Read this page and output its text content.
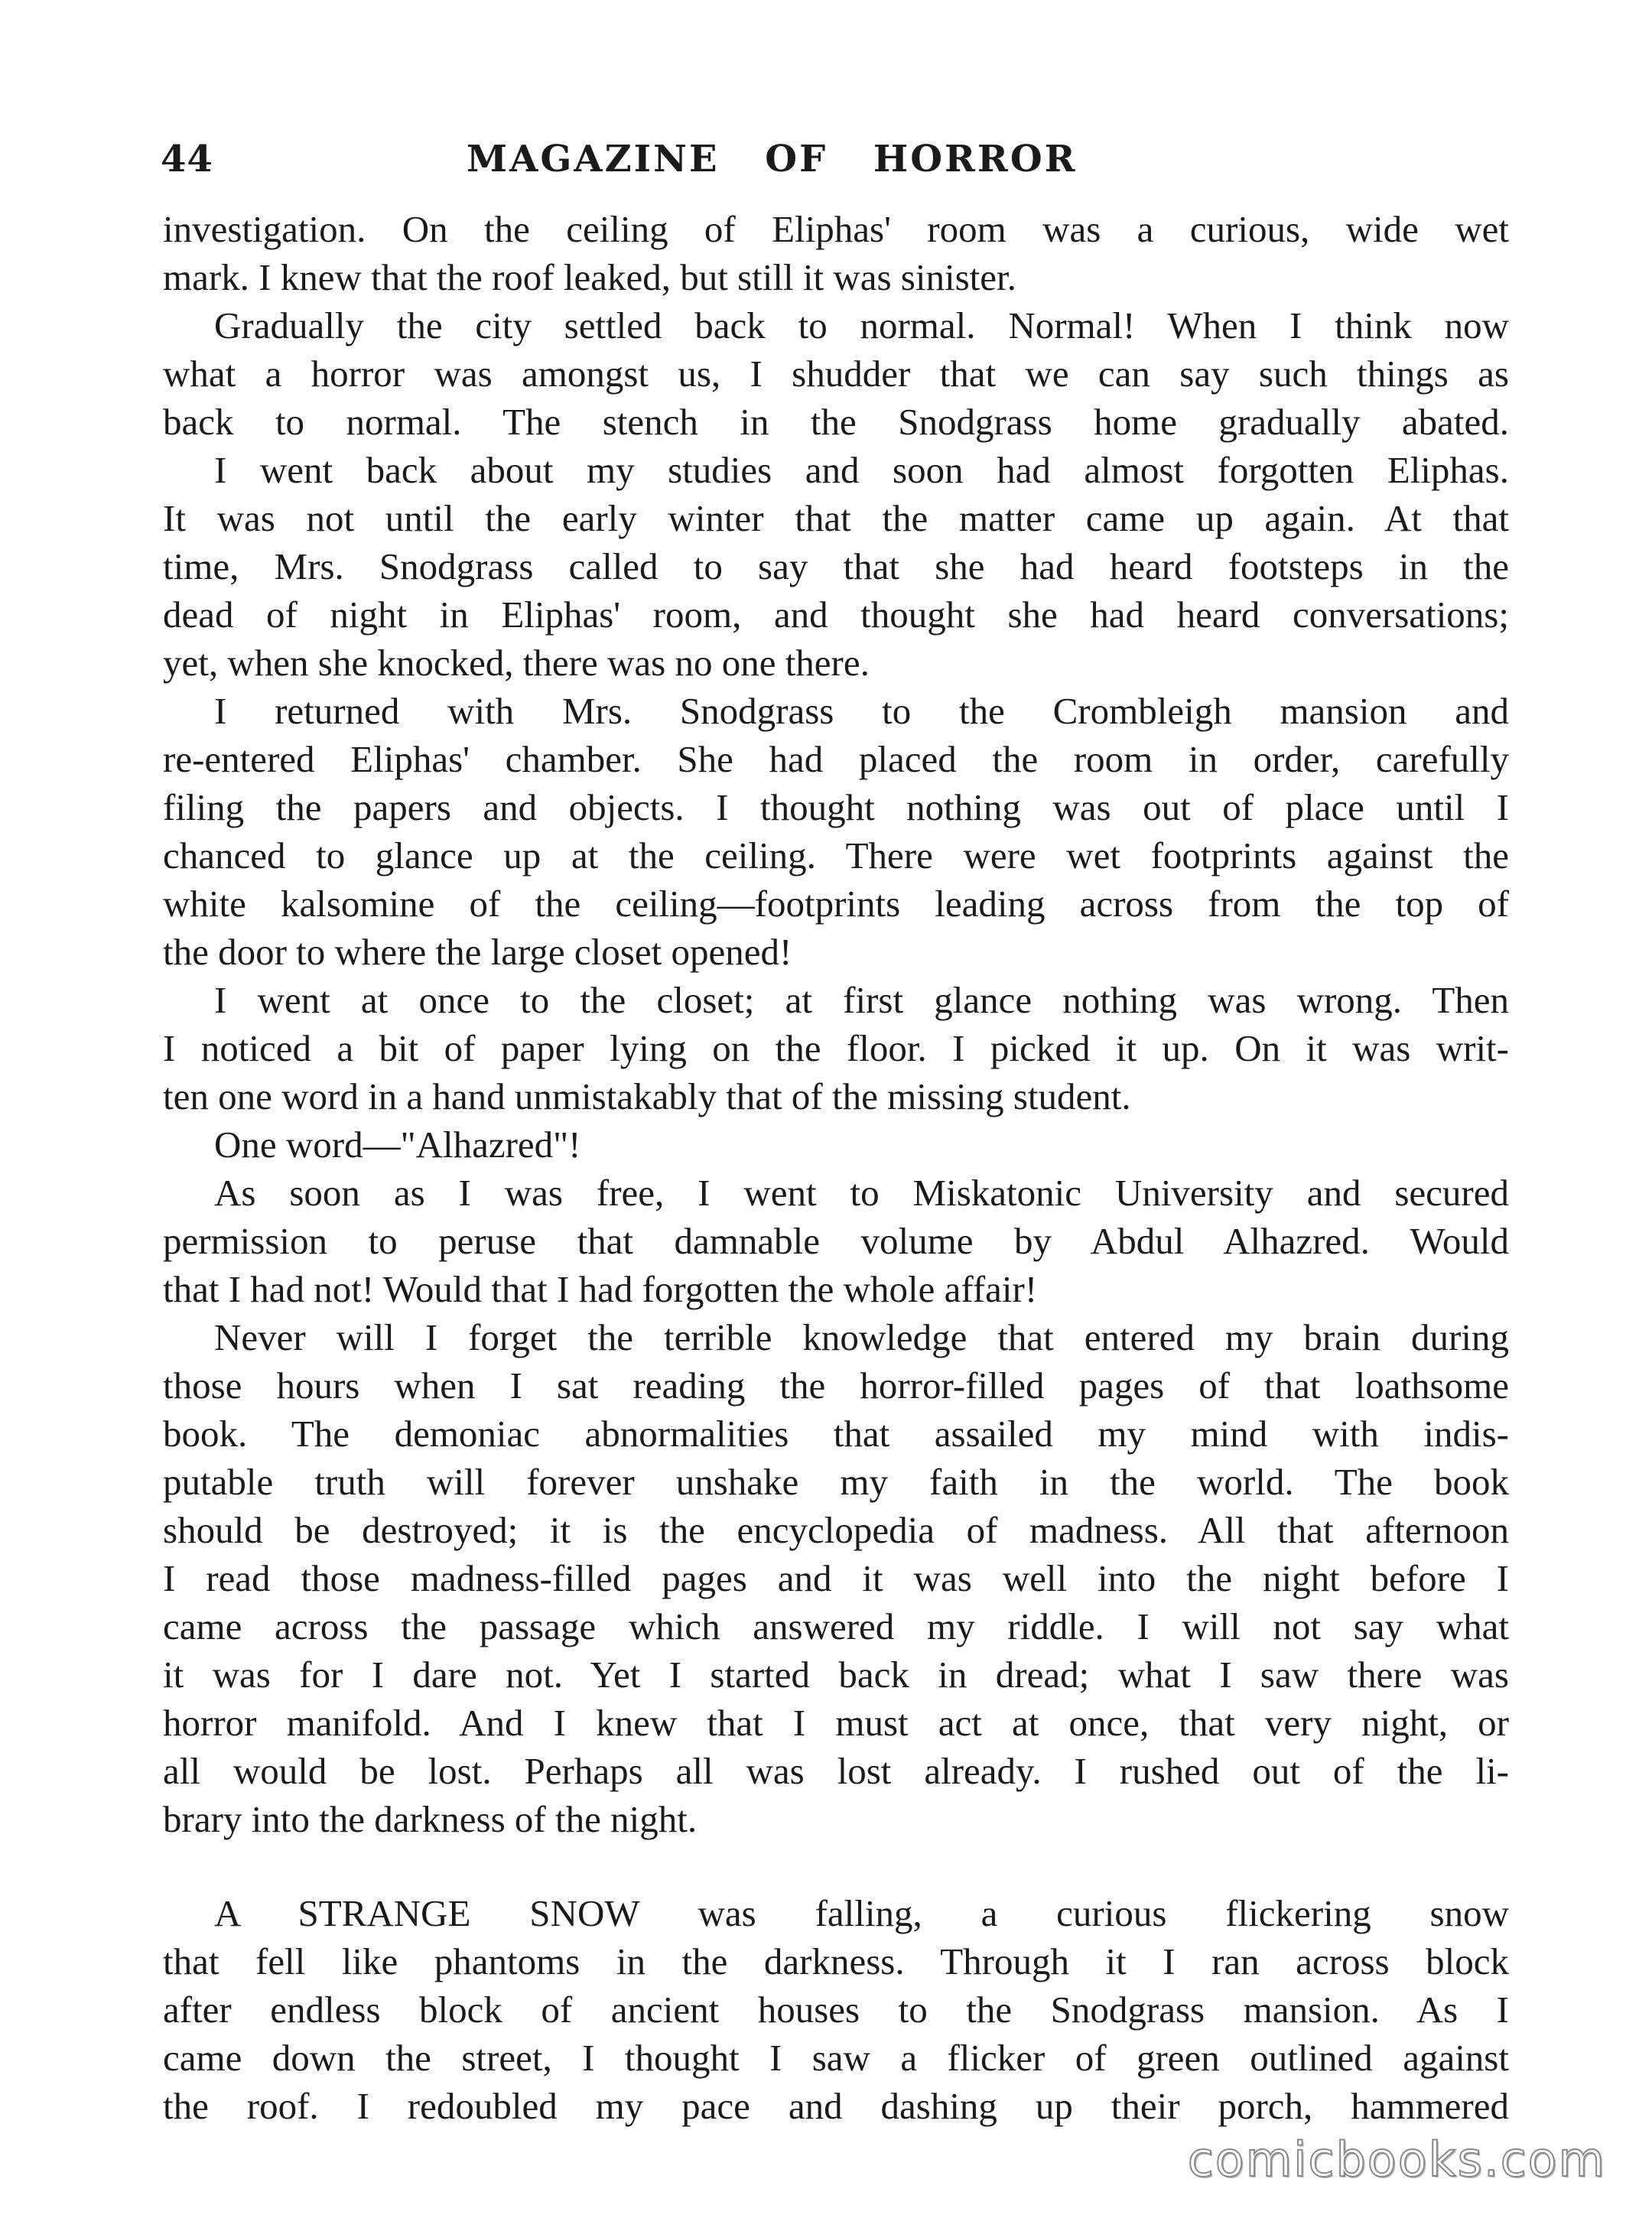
44	MAGAZINE OF HORROR
investigation. On the ceiling of Eliphas' room was a curious, wide wet
mark. I knew that the roof leaked, but still it was sinister.
Gradually the city settled back to normal. Normal! When I think now
what a horror was amongst us, I shudder that we can say such things as
back to normal. The stench in the Snodgrass home gradually abated.
I went back about my studies and soon had almost forgotten Eliphas.
It was not until the early winter that the matter came up again. At that
time, Mrs. Snodgrass called to say that she had heard footsteps in the
dead of night in Eliphas' room, and thought she had heard conversations;
yet, when she knocked, there was no one there.
I returned with Mrs. Snodgrass to the Crombleigh mansion and
re-entered Eliphas' chamber. She had placed the room in order, carefully
filing the papers and objects. I thought nothing was out of place until I
chanced to glance up at the ceiling. There were wet footprints against the
white kalsomine of the ceiling—footprints leading across from the top of
the door to where the large closet opened!
I went at once to the closet; at first glance nothing was wrong. Then
I noticed a bit of paper lying on the floor. I picked it up. On it was writ-
ten one word in a hand unmistakably that of the missing student.
One word—"Alhazred"!
As soon as I was free, I went to Miskatonic University and secured
permission to peruse that damnable volume by Abdul Alhazred. Would
that I had not! Would that I had forgotten the whole affair!
Never will I forget the terrible knowledge that entered my brain during
those hours when I sat reading the horror-filled pages of that loathsome
book. The demoniac abnormalities that assailed my mind with indis-
putable truth will forever unshake my faith in the world. The book
should be destroyed; it is the encyclopedia of madness. All that afternoon
I read those madness-filled pages and it was well into the night before I
came across the passage which answered my riddle. I will not say what
it was for I dare not. Yet I started back in dread; what I saw there was
horror manifold. And I knew that I must act at once, that very night, or
all would be lost. Perhaps all was lost already. I rushed out of the li-
brary into the darkness of the night.
A STRANGE SNOW was falling, a curious flickering snow
that fell like phantoms in the darkness. Through it I ran across block
after endless block of ancient houses to the Snodgrass mansion. As I
came down the street, I thought I saw a flicker of green outlined against
the roof. I redoubled my pace and dashing up their porch, hammered
comicbooks.com
